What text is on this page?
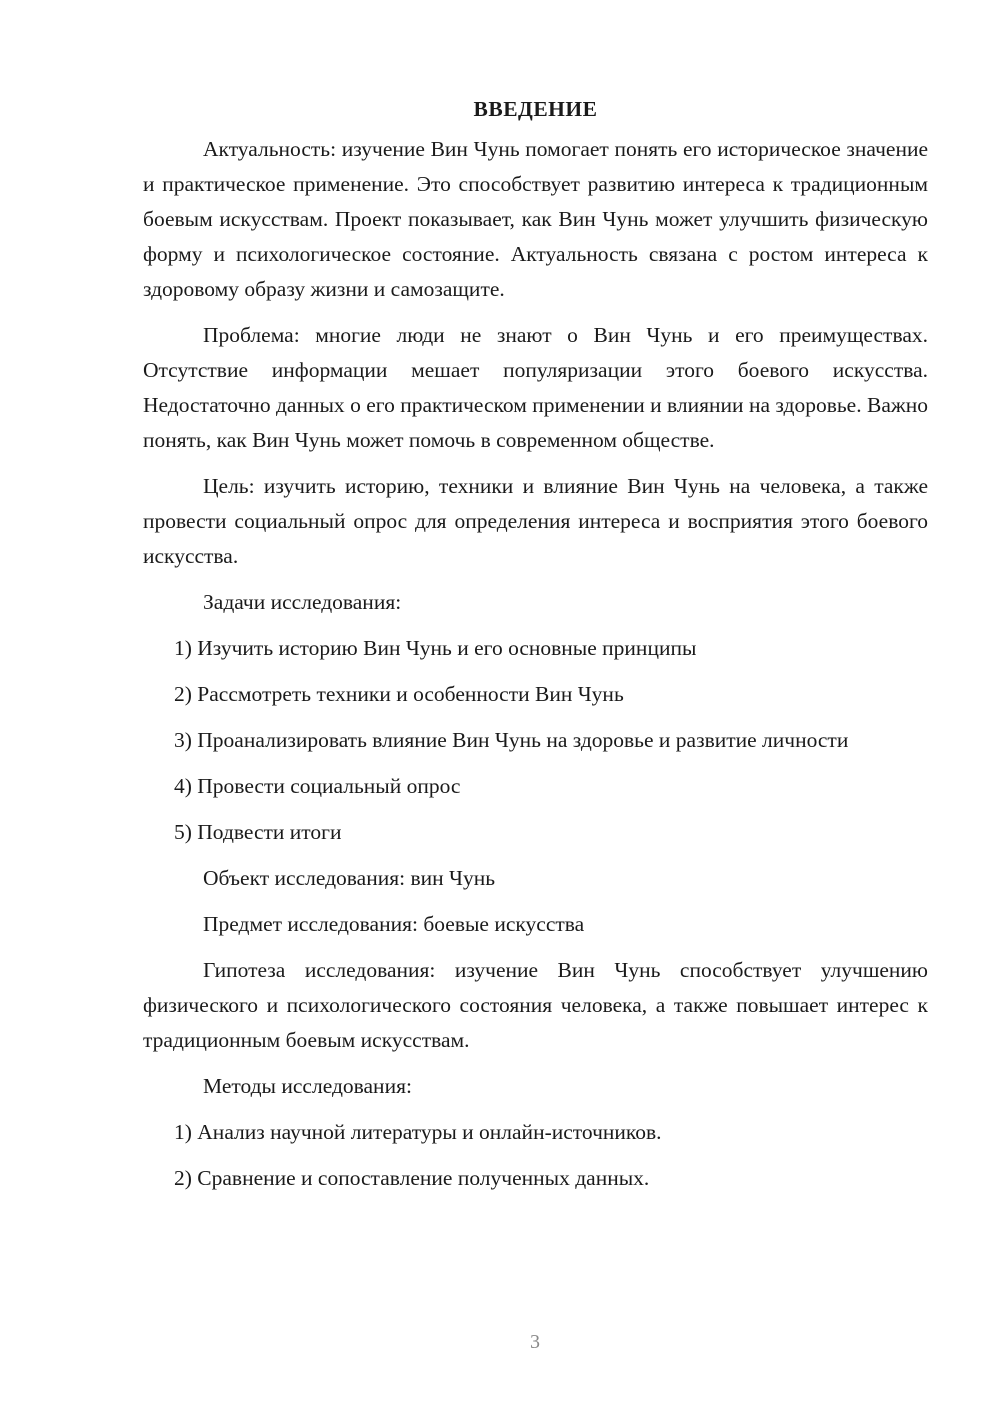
ВВЕДЕНИЕ

Актуальность: изучение Вин Чунь помогает понять его историческое значение и практическое применение. Это способствует развитию интереса к традиционным боевым искусствам. Проект показывает, как Вин Чунь может улучшить физическую форму и психологическое состояние. Актуальность связана с ростом интереса к здоровому образу жизни и самозащите.

Проблема: многие люди не знают о Вин Чунь и его преимуществах. Отсутствие информации мешает популяризации этого боевого искусства. Недостаточно данных о его практическом применении и влиянии на здоровье. Важно понять, как Вин Чунь может помочь в современном обществе.

Цель: изучить историю, техники и влияние Вин Чунь на человека, а также провести социальный опрос для определения интереса и восприятия этого боевого искусства.

Задачи исследования:

1) Изучить историю Вин Чунь и его основные принципы

2) Рассмотреть техники и особенности Вин Чунь

3) Проанализировать влияние Вин Чунь на здоровье и развитие личности

4) Провести социальный опрос

5) Подвести итоги

Объект исследования: вин Чунь

Предмет исследования: боевые искусства

Гипотеза исследования: изучение Вин Чунь способствует улучшению физического и психологического состояния человека, а также повышает интерес к традиционным боевым искусствам.

Методы исследования:

1) Анализ научной литературы и онлайн-источников.

2) Сравнение и сопоставление полученных данных.

3
